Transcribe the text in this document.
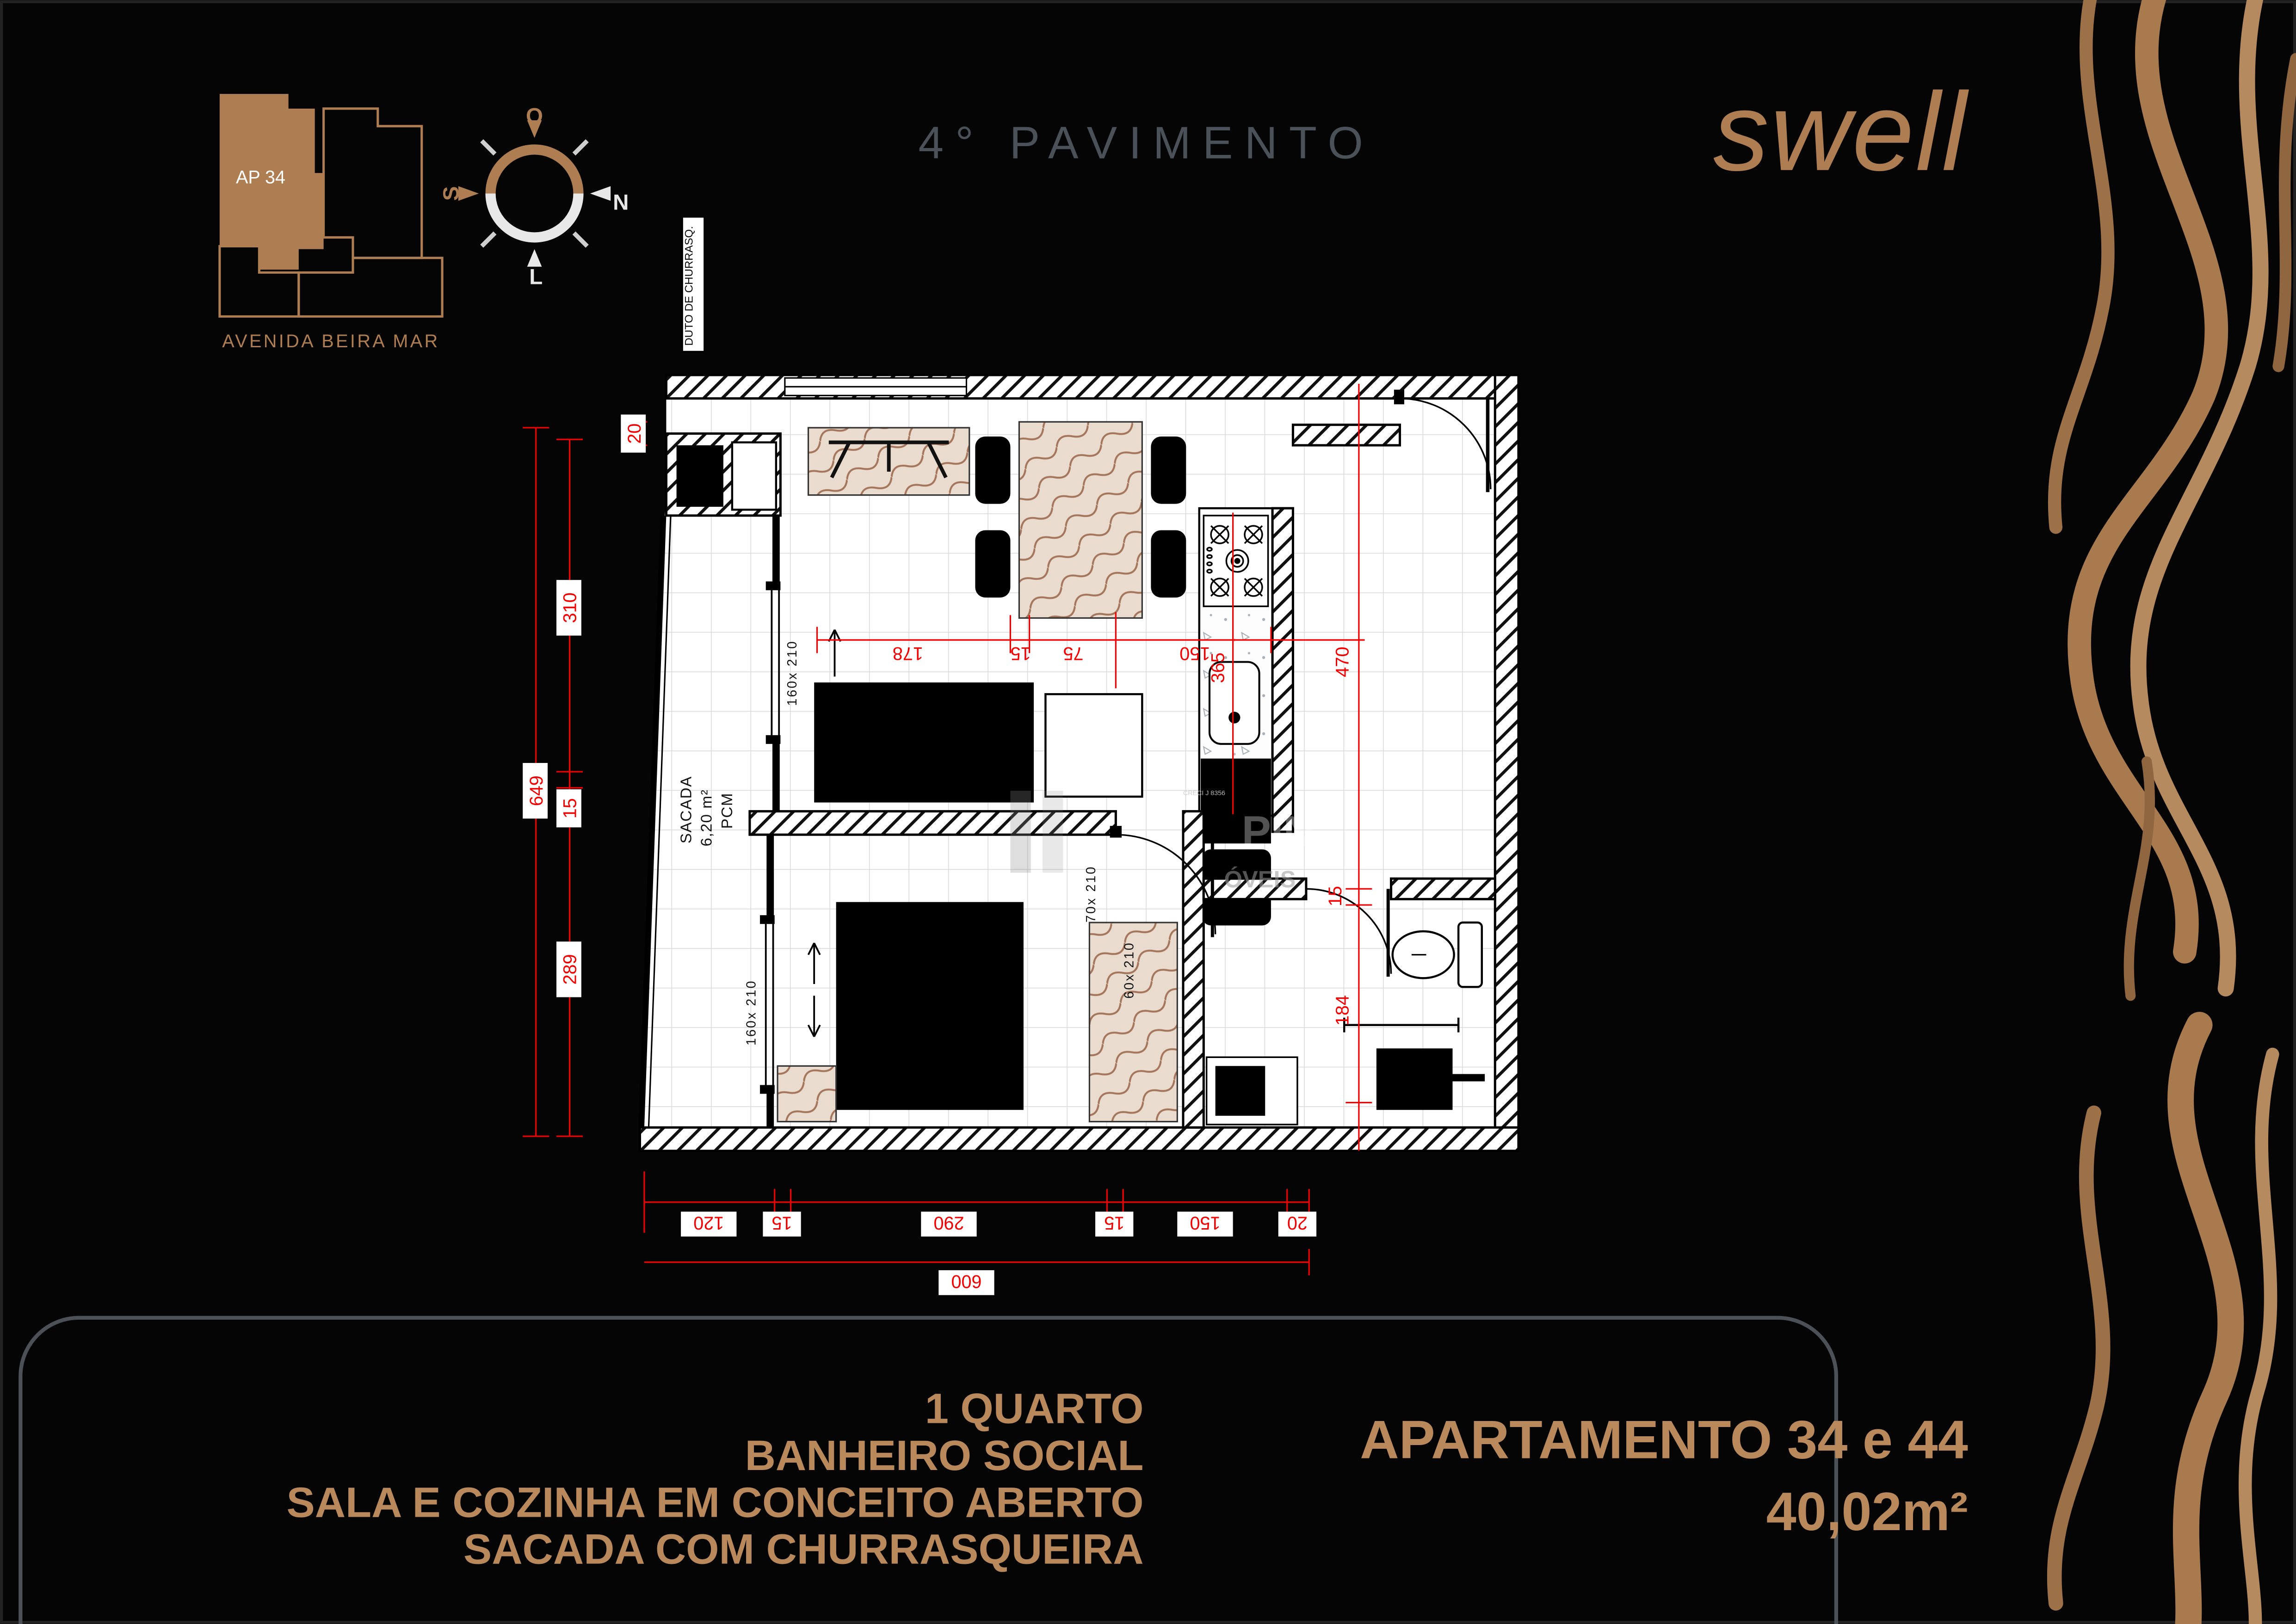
AP 34
AVENIDA BEIRA MAR
O
N
S
L
4° PAVIMENTO	swell
DUTO DE CHURRASQ.
SACADA 6,20 m² PCM
160x 210
160x 210
70x 210
60x 210
20
310
649
15
289
178	15	75	150
365	470
15
184
120	15	290	15	150	20
600
CRECI J 8356
PIN
ÓVEIS
1 QUARTO
BANHEIRO SOCIAL
SALA E COZINHA EM CONCEITO ABERTO
SACADA COM CHURRASQUEIRA
APARTAMENTO 34 e 44
40,02m²
